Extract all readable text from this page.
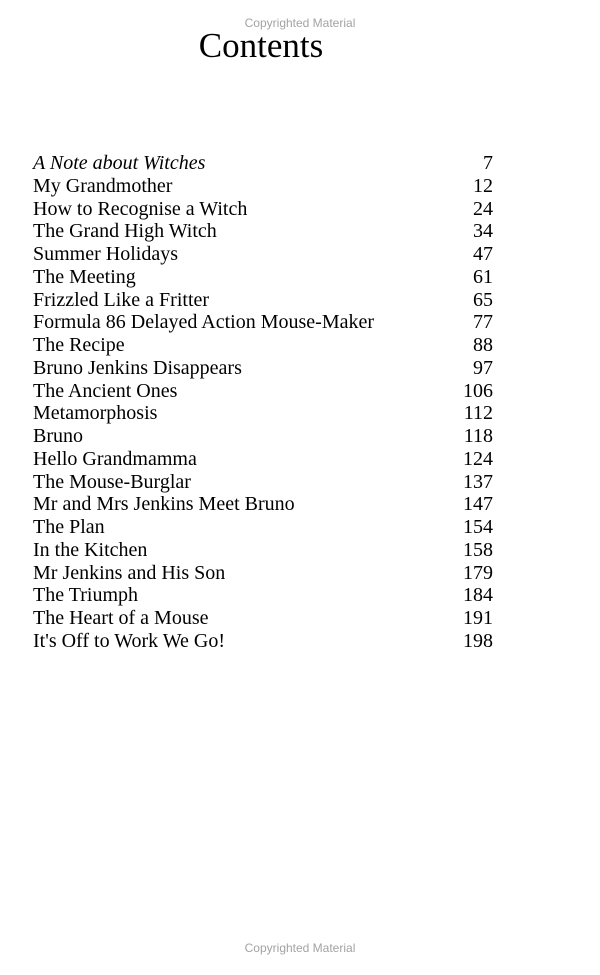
Copyrighted Material
Contents
A Note about Witches	7
My Grandmother	12
How to Recognise a Witch	24
The Grand High Witch	34
Summer Holidays	47
The Meeting	61
Frizzled Like a Fritter	65
Formula 86 Delayed Action Mouse-Maker	77
The Recipe	88
Bruno Jenkins Disappears	97
The Ancient Ones	106
Metamorphosis	112
Bruno	118
Hello Grandmamma	124
The Mouse-Burglar	137
Mr and Mrs Jenkins Meet Bruno	147
The Plan	154
In the Kitchen	158
Mr Jenkins and His Son	179
The Triumph	184
The Heart of a Mouse	191
It's Off to Work We Go!	198
Copyrighted Material
